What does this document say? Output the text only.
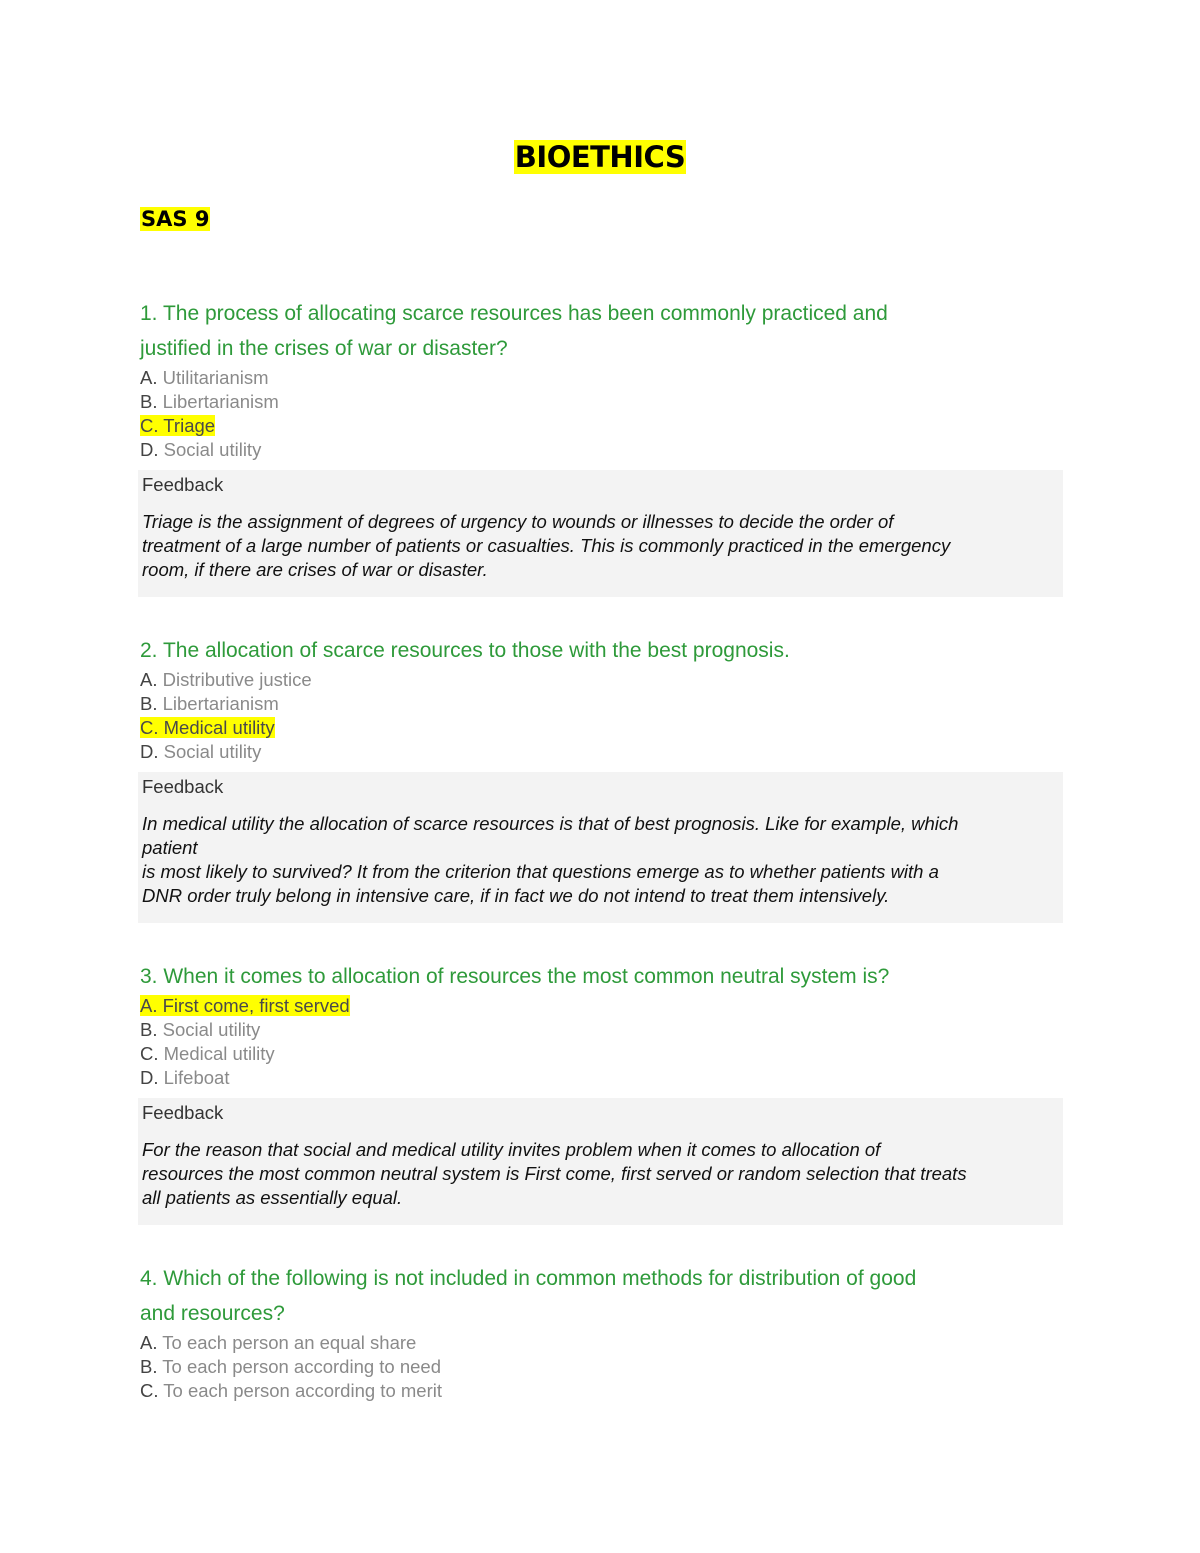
BIOETHICS
SAS 9
1. The process of allocating scarce resources has been commonly practiced and
justified in the crises of war or disaster?
A. Utilitarianism
B. Libertarianism
C. Triage
D. Social utility
Feedback
Triage is the assignment of degrees of urgency to wounds or illnesses to decide the order of
treatment of a large number of patients or casualties. This is commonly practiced in the emergency
room, if there are crises of war or disaster.
2. The allocation of scarce resources to those with the best prognosis.
A. Distributive justice
B. Libertarianism
C. Medical utility
D. Social utility
Feedback
In medical utility the allocation of scarce resources is that of best prognosis. Like for example, which
patient
is most likely to survived? It from the criterion that questions emerge as to whether patients with a
DNR order truly belong in intensive care, if in fact we do not intend to treat them intensively.
3. When it comes to allocation of resources the most common neutral system is?
A. First come, first served
B. Social utility
C. Medical utility
D. Lifeboat
Feedback
For the reason that social and medical utility invites problem when it comes to allocation of
resources the most common neutral system is First come, first served or random selection that treats
all patients as essentially equal.
4. Which of the following is not included in common methods for distribution of good
and resources?
A. To each person an equal share
B. To each person according to need
C. To each person according to merit
